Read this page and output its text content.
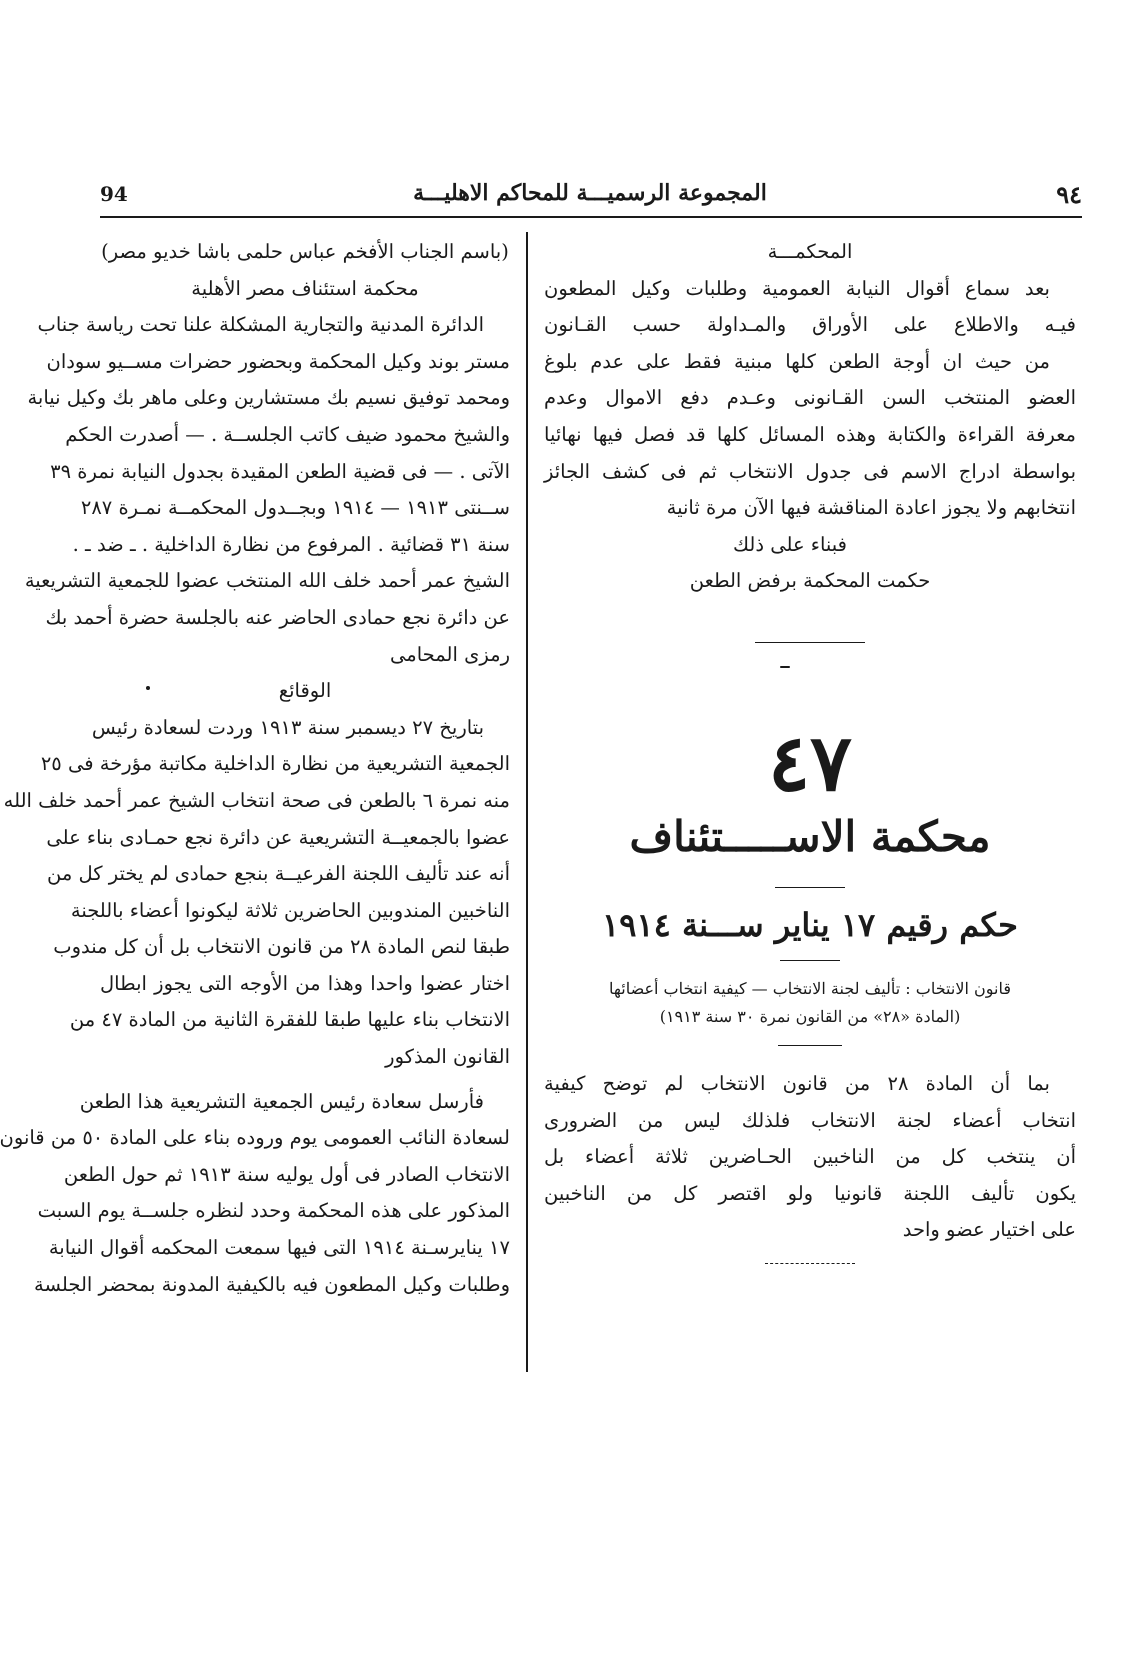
٩٤
المجموعة الرسميـــة للمحاكم الاهليـــة
94
المحكمـــة
بعد سماع أقوال النيابة العمومية وطلبات وكيل المطعون
فيـه والاطلاع على الأوراق والمـداولة حسب القـانون
من حيث ان أوجة الطعن كلها مبنية فقط على عدم بلوغ
العضو المنتخب السن القـانونى وعـدم دفع الاموال وعدم
معرفة القراءة والكتابة وهذه المسائل كلها قد فصل فيها نهائيا
بواسطة ادراج الاسم فى جدول الانتخاب ثم فى كشف الجائز
انتخابهم ولا يجوز اعادة المناقشة فيها الآن مرة ثانية
فبناء على ذلك
حكمت المحكمة برفض الطعن
٤٧
محكمة الاســـــتئناف
حكم رقيم ١٧ يناير ســـنة ١٩١٤
قانون الانتخاب : تأليف لجنة الانتخاب — كيفية انتخاب أعضائها
(المادة «٢٨» من القانون نمرة ٣٠ سنة ١٩١٣)
بما أن المادة ٢٨ من قانون الانتخاب لم توضح كيفية
انتخاب أعضاء لجنة الانتخاب فلذلك ليس من الضرورى
أن ينتخب كل من الناخبين الحـاضرين ثلاثة أعضاء بل
يكون تأليف اللجنة قانونيا ولو اقتصر كل من الناخبين
على اختيار عضو واحد
(باسم الجناب الأفخم عباس حلمى باشا خديو مصر)
محكمة استئناف مصر الأهلية
الدائرة المدنية والتجارية المشكلة علنا تحت رياسة جناب
مستر بوند وكيل المحكمة وبحضور حضرات مســيو سودان
ومحمد توفيق نسيم بك مستشارين وعلى ماهر بك وكيل نيابة
والشيخ محمود ضيف كاتب الجلســة . — أصدرت الحكم
الآتى . — فى قضية الطعن المقيدة بجدول النيابة نمرة ٣٩
ســنتى ١٩١٣ — ١٩١٤ وبجــدول المحكمــة نمـرة ٢٨٧
سنة ٣١ قضائية . المرفوع من نظارة الداخلية . ـ ضد ـ .
الشيخ عمر أحمد خلف الله المنتخب عضوا للجمعية التشريعية
عن دائرة نجع حمادى الحاضر عنه بالجلسة حضرة أحمد بك
رمزى المحامى
الوقائع
بتاريخ ٢٧ ديسمبر سنة ١٩١٣ وردت لسعادة رئيس
الجمعية التشريعية من نظارة الداخلية مكاتبة مؤرخة فى ٢٥
منه نمرة ٦ بالطعن فى صحة انتخاب الشيخ عمر أحمد خلف الله
عضوا بالجمعيــة التشريعية عن دائرة نجع حمـادى بناء على
أنه عند تأليف اللجنة الفرعيــة بنجع حمادى لم يختر كل من
الناخبين المندوبين الحاضرين ثلاثة ليكونوا أعضاء باللجنة
طبقا لنص المادة ٢٨ من قانون الانتخاب بل أن كل مندوب
اختار عضوا واحدا وهذا من الأوجه التى يجوز ابطال
الانتخاب بناء عليها طبقا للفقرة الثانية من المادة ٤٧ من
القانون المذكور
فأرسل سعادة رئيس الجمعية التشريعية هذا الطعن
لسعادة النائب العمومى يوم وروده بناء على المادة ٥٠ من قانون
الانتخاب الصادر فى أول يوليه سنة ١٩١٣ ثم حول الطعن
المذكور على هذه المحكمة وحدد لنظره جلســة يوم السبت
١٧ ينايرسـنة ١٩١٤ التى فيها سمعت المحكمه أقوال النيابة
وطلبات وكيل المطعون فيه بالكيفية المدونة بمحضر الجلسة
